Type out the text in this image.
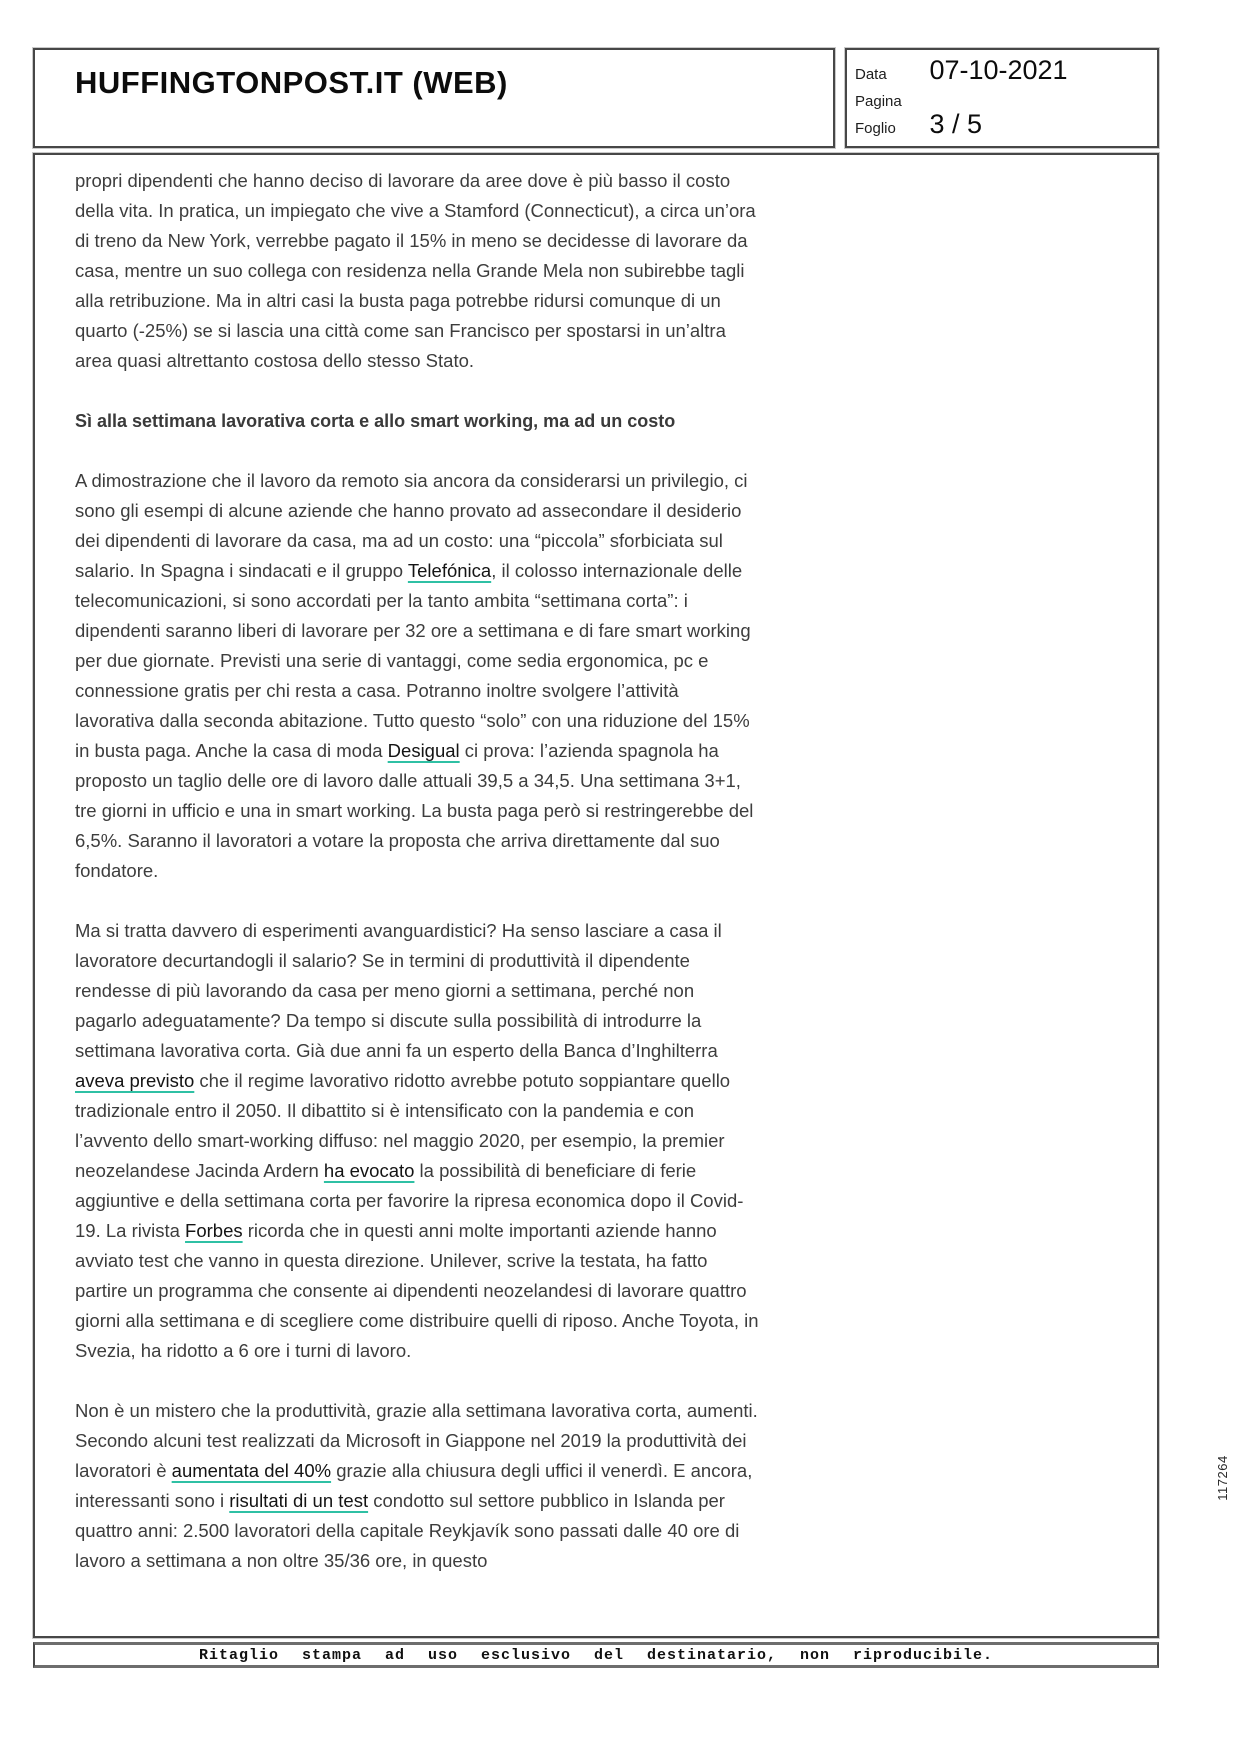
HUFFINGTONPOST.IT (WEB)	Data 07-10-2021
Pagina
Foglio 3 / 5

propri dipendenti che hanno deciso di lavorare da aree dove è più basso il costo della vita. In pratica, un impiegato che vive a Stamford (Connecticut), a circa un’ora di treno da New York, verrebbe pagato il 15% in meno se decidesse di lavorare da casa, mentre un suo collega con residenza nella Grande Mela non subirebbe tagli alla retribuzione. Ma in altri casi la busta paga potrebbe ridursi comunque di un quarto (-25%) se si lascia una città come san Francisco per spostarsi in un’altra area quasi altrettanto costosa dello stesso Stato.

Sì alla settimana lavorativa corta e allo smart working, ma ad un costo

A dimostrazione che il lavoro da remoto sia ancora da considerarsi un privilegio, ci sono gli esempi di alcune aziende che hanno provato ad assecondare il desiderio dei dipendenti di lavorare da casa, ma ad un costo: una “piccola” sforbiciata sul salario. In Spagna i sindacati e il gruppo Telefónica, il colosso internazionale delle telecomunicazioni, si sono accordati per la tanto ambita “settimana corta”: i dipendenti saranno liberi di lavorare per 32 ore a settimana e di fare smart working per due giornate. Previsti una serie di vantaggi, come sedia ergonomica, pc e connessione gratis per chi resta a casa. Potranno inoltre svolgere l’attività lavorativa dalla seconda abitazione. Tutto questo “solo” con una riduzione del 15% in busta paga. Anche la casa di moda Desigual ci prova: l’azienda spagnola ha proposto un taglio delle ore di lavoro dalle attuali 39,5 a 34,5. Una settimana 3+1, tre giorni in ufficio e una in smart working. La busta paga però si restringerebbe del 6,5%. Saranno il lavoratori a votare la proposta che arriva direttamente dal suo fondatore.

Ma si tratta davvero di esperimenti avanguardistici? Ha senso lasciare a casa il lavoratore decurtandogli il salario? Se in termini di produttività il dipendente rendesse di più lavorando da casa per meno giorni a settimana, perché non pagarlo adeguatamente? Da tempo si discute sulla possibilità di introdurre la settimana lavorativa corta. Già due anni fa un esperto della Banca d’Inghilterra aveva previsto che il regime lavorativo ridotto avrebbe potuto soppiantare quello tradizionale entro il 2050. Il dibattito si è intensificato con la pandemia e con l’avvento dello smart-working diffuso: nel maggio 2020, per esempio, la premier neozelandese Jacinda Ardern ha evocato la possibilità di beneficiare di ferie aggiuntive e della settimana corta per favorire la ripresa economica dopo il Covid-19. La rivista Forbes ricorda che in questi anni molte importanti aziende hanno avviato test che vanno in questa direzione. Unilever, scrive la testata, ha fatto partire un programma che consente ai dipendenti neozelandesi di lavorare quattro giorni alla settimana e di scegliere come distribuire quelli di riposo. Anche Toyota, in Svezia, ha ridotto a 6 ore i turni di lavoro.

Non è un mistero che la produttività, grazie alla settimana lavorativa corta, aumenti. Secondo alcuni test realizzati da Microsoft in Giappone nel 2019 la produttività dei lavoratori è aumentata del 40% grazie alla chiusura degli uffici il venerdì. E ancora, interessanti sono i risultati di un test condotto sul settore pubblico in Islanda per quattro anni: 2.500 lavoratori della capitale Reykjavík sono passati dalle 40 ore di lavoro a settimana a non oltre 35/36 ore, in questo

117264
Ritaglio stampa ad uso esclusivo del destinatario, non riproducibile.
